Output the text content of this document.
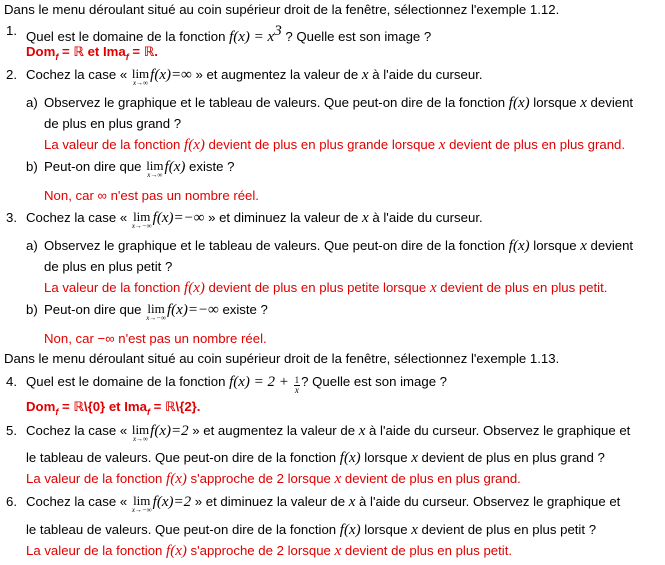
Dans le menu déroulant situé au coin supérieur droit de la fenêtre, sélectionnez l'exemple 1.12.
1. Quel est le domaine de la fonction $f(x) = x^3$ ? Quelle est son image ?
Dom$_f$ = ℝ et Ima$_f$ = ℝ.
2. Cochez la case « lim
x→∞ f(x)=∞ » et augmentez la valeur de x à l'aide du curseur.
a) Observez le graphique et le tableau de valeurs. Que peut-on dire de la fonction f(x) lorsque x devient
de plus en plus grand ?
La valeur de la fonction f(x) devient de plus en plus grande lorsque x devient de plus en plus grand.
b) Peut-on dire que lim
x→∞ f(x) existe ?
Non, car ∞ n'est pas un nombre réel.
3. Cochez la case « lim
x→−∞ f(x)=−∞ » et diminuez la valeur de x à l'aide du curseur.
a) Observez le graphique et le tableau de valeurs. Que peut-on dire de la fonction f(x) lorsque x devient
de plus en plus petit ?
La valeur de la fonction f(x) devient de plus en plus petite lorsque x devient de plus en plus petit.
b) Peut-on dire que lim
x→−∞ f(x)=−∞ existe ?
Non, car −∞ n'est pas un nombre réel.
Dans le menu déroulant situé au coin supérieur droit de la fenêtre, sélectionnez l'exemple 1.13.
4. Quel est le domaine de la fonction $f(x) = 2 + \frac{1}{x}$ ? Quelle est son image ?
Dom$_f$ = ℝ\{0} et Ima$_f$ = ℝ\{2}.
5. Cochez la case « lim
x→∞ f(x)=2 » et augmentez la valeur de x à l'aide du curseur. Observez le graphique et
le tableau de valeurs. Que peut-on dire de la fonction f(x) lorsque x devient de plus en plus grand ?
La valeur de la fonction f(x) s'approche de 2 lorsque x devient de plus en plus grand.
6. Cochez la case « lim
x→−∞ f(x)=2 » et diminuez la valeur de x à l'aide du curseur. Observez le graphique et
le tableau de valeurs. Que peut-on dire de la fonction f(x) lorsque x devient de plus en plus petit ?
La valeur de la fonction f(x) s'approche de 2 lorsque x devient de plus en plus petit.
